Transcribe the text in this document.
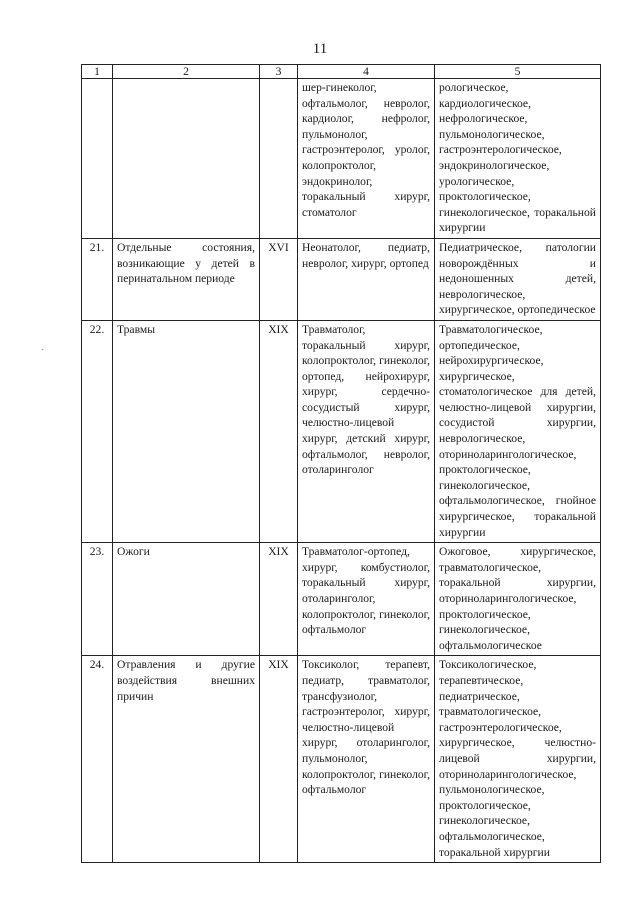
11
·
1	2	3	4	5
			шер-гинеколог, офтальмолог, невролог, кардиолог, нефролог, пульмонолог, гастроэнтеролог, уролог, колопроктолог, эндокринолог, торакальный хирург, стоматолог	рологическое, кардиологическое, нефрологическое, пульмонологическое, гастроэнтерологическое, эндокринологическое, урологическое, проктологическое, гинекологическое, торакальной хирургии
21.	Отдельные состояния, возникающие у детей в перинатальном периоде	XVI	Неонатолог, педиатр, невролог, хирург, ортопед	Педиатрическое, патологии новорождённых и недоношенных детей, неврологическое, хирургическое, ортопедическое
22.	Травмы	XIX	Травматолог, торакальный хирург, колопроктолог, гинеколог, ортопед, нейрохирург, хирург, сердечно-сосудистый хирург, челюстно-лицевой хирург, детский хирург, офтальмолог, невролог, отоларинголог	Травматологическое, ортопедическое, нейрохирургическое, хирургическое, стоматологическое для детей, челюстно-лицевой хирургии, сосудистой хирургии, неврологическое, оториноларингологическое, проктологическое, гинекологическое, офтальмологическое, гнойное хирургическое, торакальной хирургии
23.	Ожоги	XIX	Травматолог-ортопед, хирург, комбустиолог, торакальный хирург, отоларинголог, колопроктолог, гинеколог, офтальмолог	Ожоговое, хирургическое, травматологическое, торакальной хирургии, оториноларингологическое, проктологическое, гинекологическое, офтальмологическое
24.	Отравления и другие воздействия внешних причин	XIX	Токсиколог, терапевт, педиатр, травматолог, трансфузиолог, гастроэнтеролог, хирург, челюстно-лицевой хирург, отоларинголог, пульмонолог, колопроктолог, гинеколог, офтальмолог	Токсикологическое, терапевтическое, педиатрическое, травматологическое, гастроэнтерологическое, хирургическое, челюстно-лицевой хирургии, оториноларингологическое, пульмонологическое, проктологическое, гинекологическое, офтальмологическое, торакальной хирургии
